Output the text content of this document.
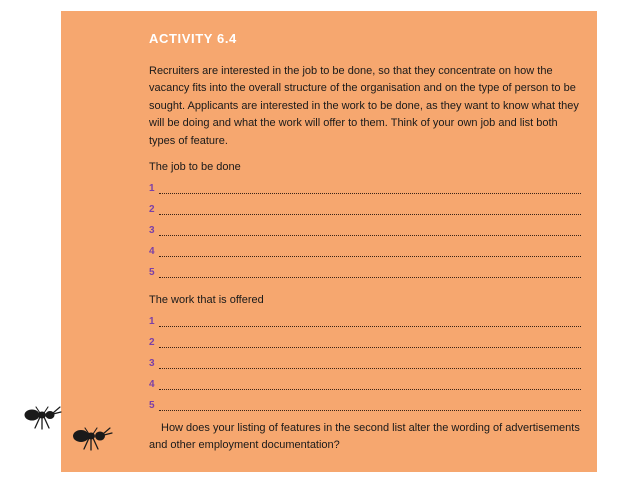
ACTIVITY 6.4

Recruiters are interested in the job to be done, so that they concentrate on how the vacancy fits into the overall structure of the organisation and on the type of person to be sought. Applicants are interested in the work to be done, as they want to know what they will be doing and what the work will offer to them. Think of your own job and list both types of feature.

The job to be done

1
2
3
4
5

The work that is offered

1
2
3
4
5

How does your listing of features in the second list alter the wording of advertisements and other employment documentation?
